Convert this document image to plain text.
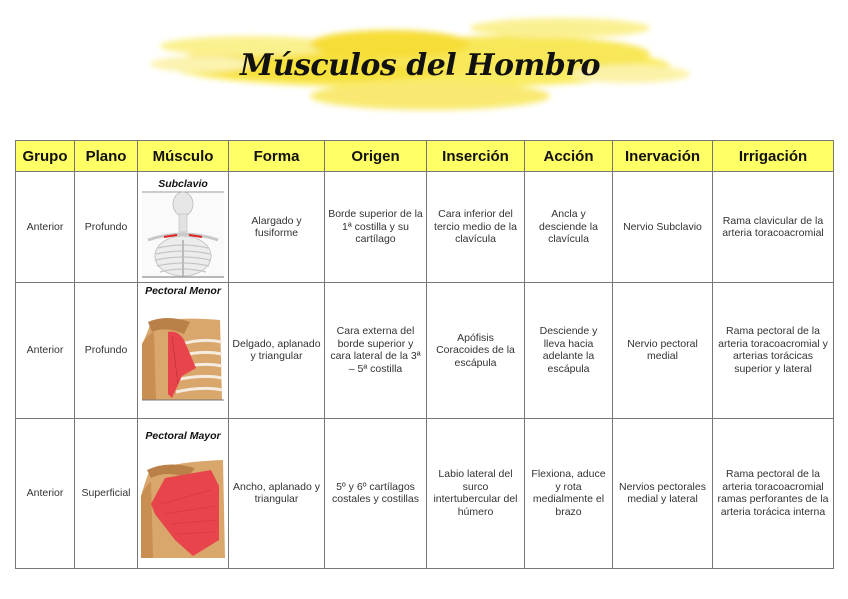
Músculos del Hombro
Grupo	Plano	Músculo	Forma	Origen	Inserción	Acción	Inervación	Irrigación
Anterior	Profundo	Subclavio	Alargado y fusiforme	Borde superior de la 1ª costilla y su cartílago	Cara inferior del tercio medio de la clavícula	Ancla y desciende la clavícula	Nervio Subclavio	Rama clavicular de la arteria toracoacromial
Anterior	Profundo	Pectoral Menor	Delgado, aplanado y triangular	Cara externa del borde superior y cara lateral de la 3ª – 5ª costilla	Apófisis Coracoides de la escápula	Desciende y lleva hacia adelante la escápula	Nervio pectoral medial	Rama pectoral de la arteria toracoacromial y arterias torácicas superior y lateral
Anterior	Superficial	Pectoral Mayor	Ancho, aplanado y triangular	5º y 6º cartílagos costales y costillas	Labio lateral del surco intertubercular del húmero	Flexiona, aduce y rota medialmente el brazo	Nervios pectorales medial y lateral	Rama pectoral de la arteria toracoacromial ramas perforantes de la arteria torácica interna
